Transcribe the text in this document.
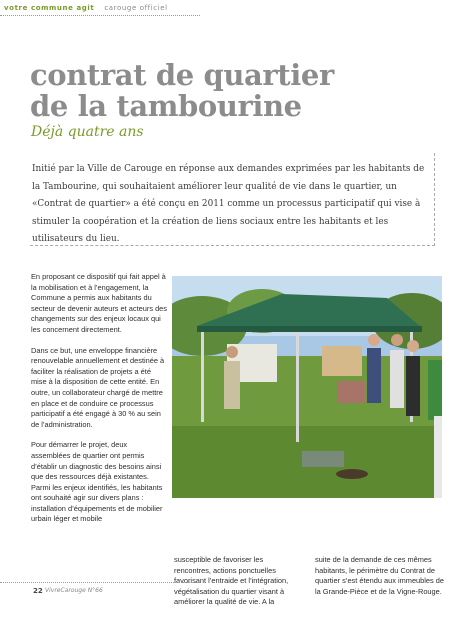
votre commune agit carouge officiel
contrat de quartier
de la tambourine
Déjà quatre ans

Initié par la Ville de Carouge en réponse aux demandes exprimées par les habitants de la Tambourine, qui souhaitaient améliorer leur qualité de vie dans le quartier, un «Contrat de quartier» a été conçu en 2011 comme un processus participatif qui vise à stimuler la coopération et la création de liens sociaux entre les habitants et les utilisateurs du lieu.

En proposant ce dispositif qui fait appel à la mobilisation et à l’engagement, la Commune a permis aux habitants du secteur de devenir auteurs et acteurs des changements sur des enjeux locaux qui les concernent directement.

Dans ce but, une enveloppe financière renouvelable annuellement et destinée à faciliter la réalisation de projets a été mise à la disposition de cette entité. En outre, un collaborateur chargé de mettre en place et de conduire ce processus participatif a été engagé à 30 % au sein de l’administration.

Pour démarrer le projet, deux assemblées de quartier ont permis d’établir un diagnostic des besoins ainsi que des ressources déjà existantes. Parmi les enjeux identifiés, les habitants ont souhaité agir sur divers plans : installation d’équipements et de mobilier urbain léger et mobile

susceptible de favoriser les rencontres, actions ponctuelles favorisant l’entraide et l’intégration, végétalisation du quartier visant à améliorer la qualité de vie. A la

suite de la demande de ces mêmes habitants, le périmètre du Contrat de quartier s’est étendu aux immeubles de la Grande-Pièce et de la Vigne-Rouge.

22 VivreCarouge N°66
